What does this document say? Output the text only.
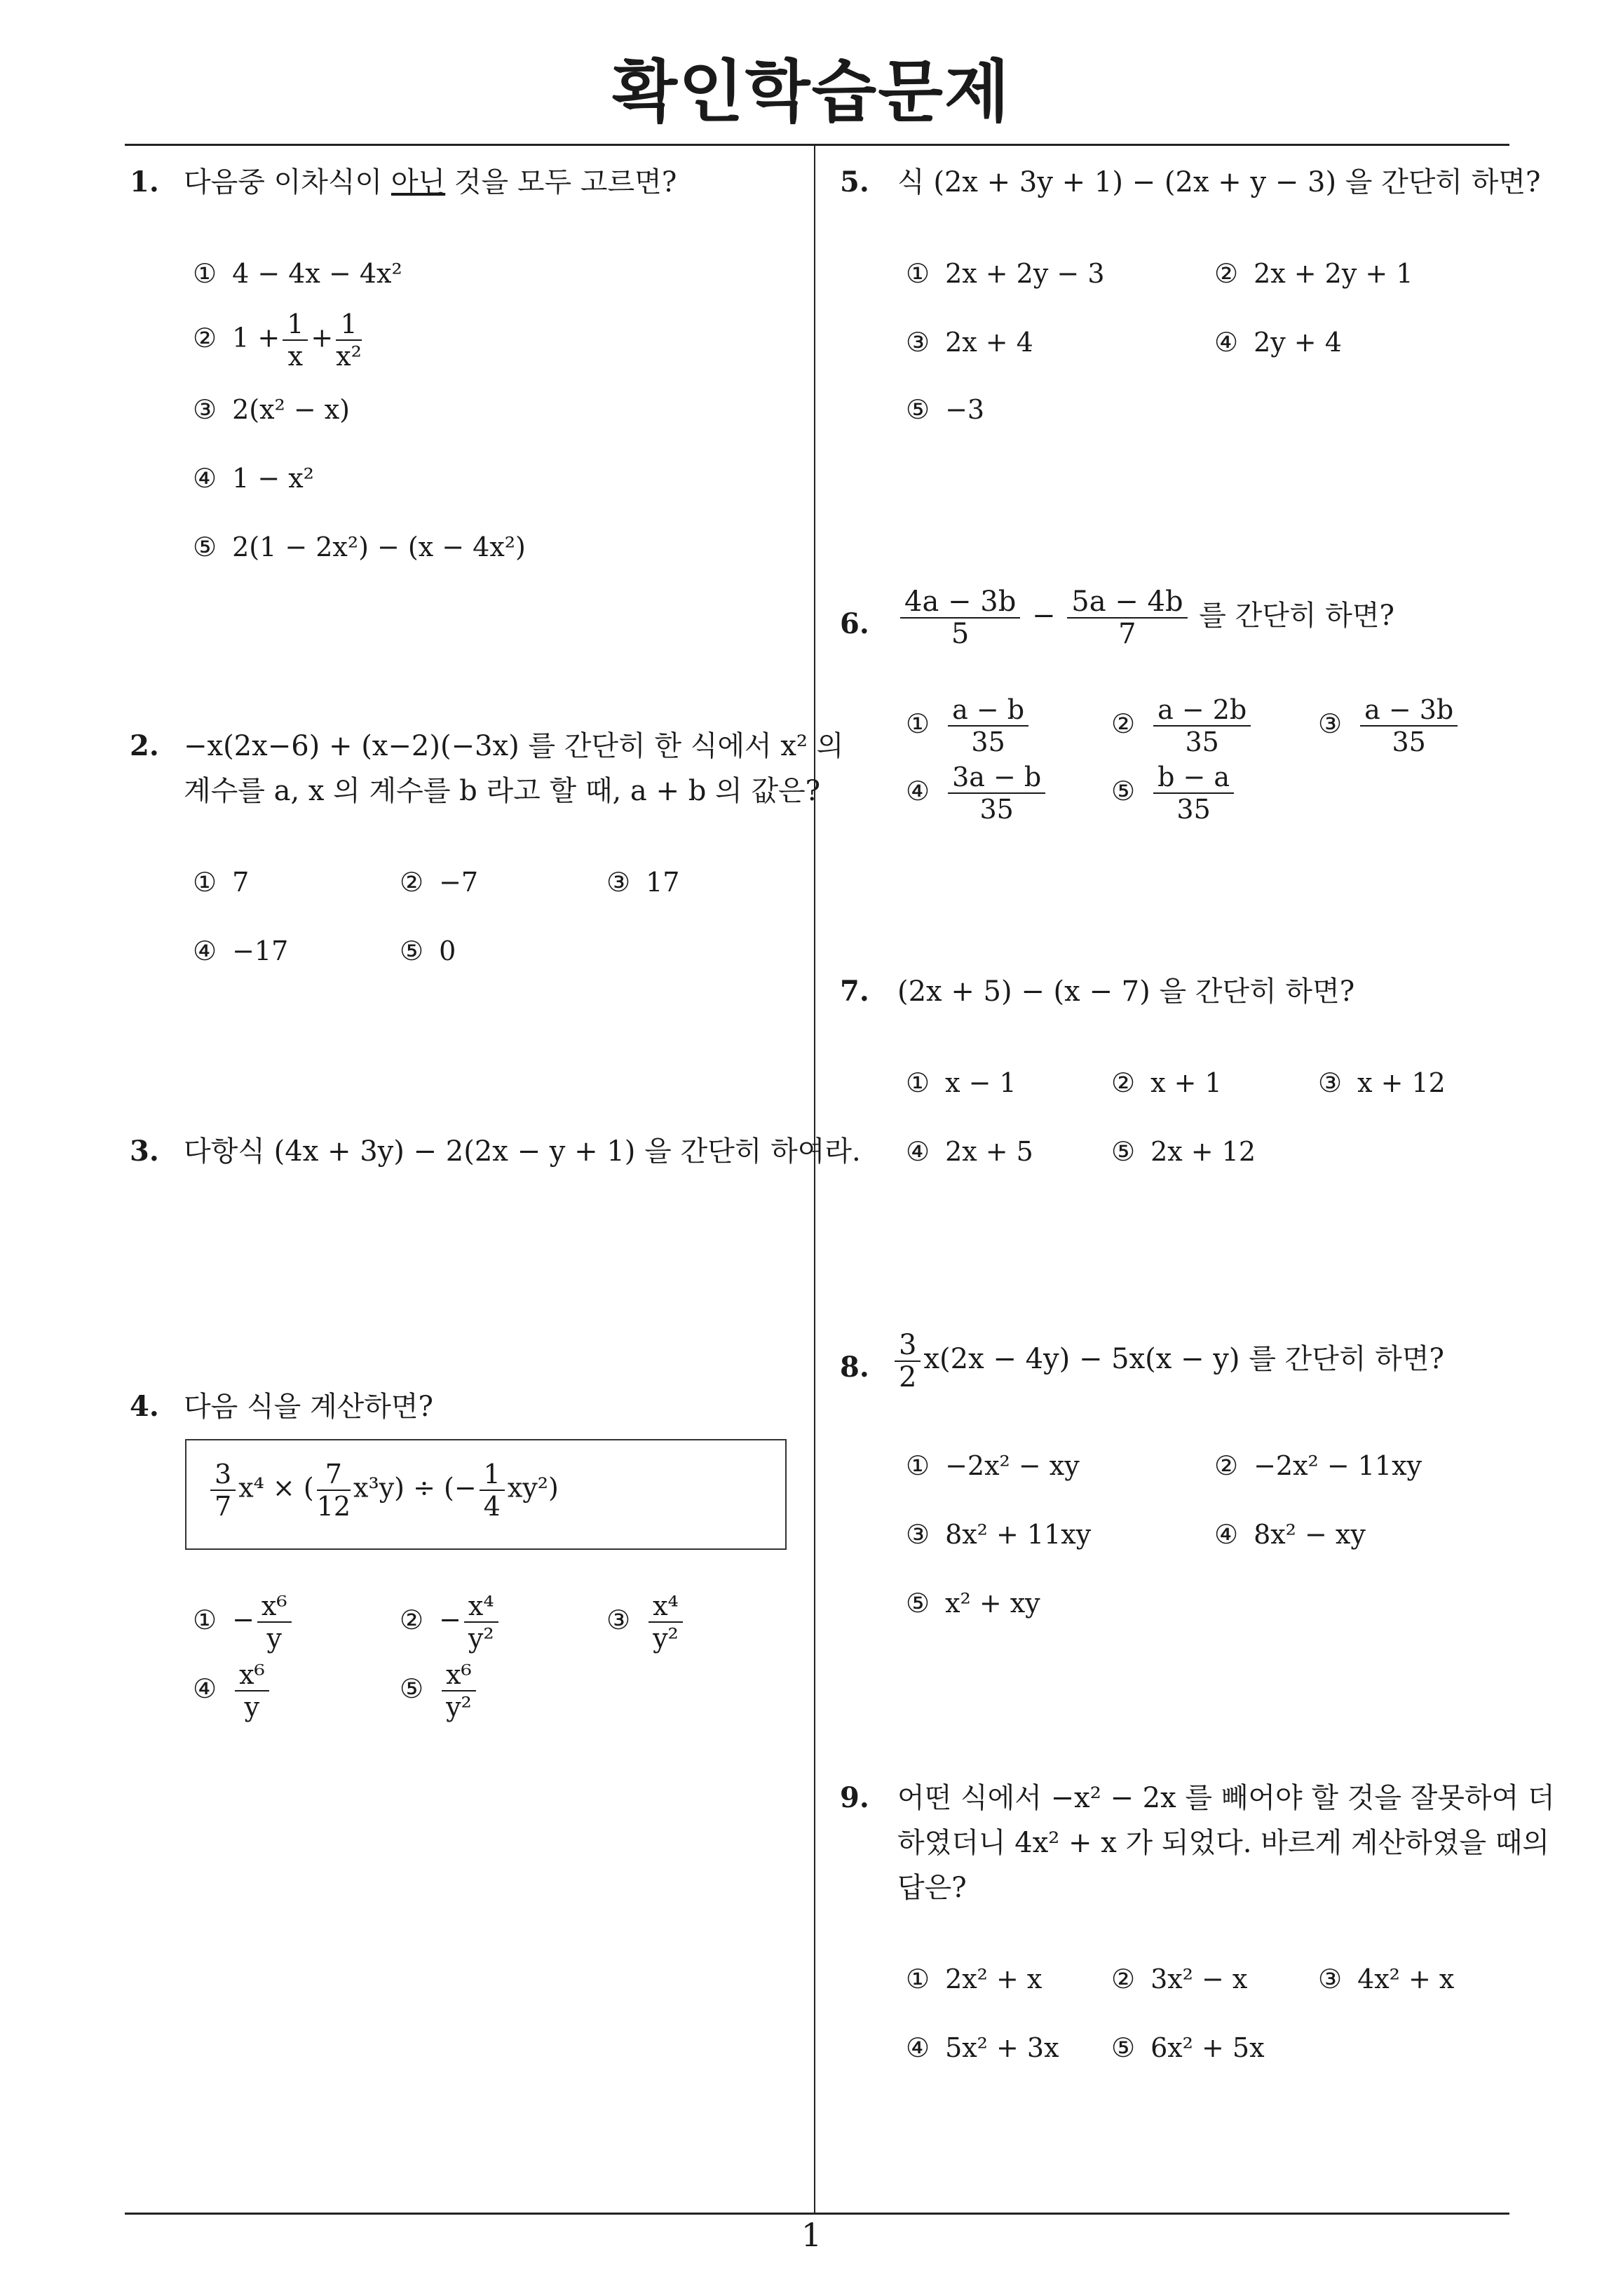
확인학습문제
1. 다음중 이차식이 아닌 것을 모두 고르면?
① 4 − 4x − 4x²
② $1 + \frac{1}{x} + \frac{1}{\text{x²}}$
③ 2(x² − x)
④ 1 − x²
⑤ 2(1 − 2x²) − (x − 4x²)
2. −x(2x−6) + (x−2)(−3x) 를 간단히 한 식에서 x² 의
계수를 a, x 의 계수를 b 라고 할 때, a + b 의 값은?
① 7	② −7	③ 17
④ −17	⑤ 0
3. 다항식 (4x + 3y) − 2(2x − y + 1) 을 간단히 하여라.
4. 다음 식을 계산하면?
$\frac{3}{7} x^4$ × ( $\frac{7}{12} x^3y$) ÷ (− $\frac{1}{4} xy^2$)
① − $\frac{\text{x⁶}}{y}$	② − $\frac{\text{x⁴}}{\text{y²}}$	③ $\frac{\text{x⁴}}{\text{y²}}$
④ $\frac{\text{x⁶}}{y}$	⑤ $\frac{\text{x⁶}}{\text{y²}}$
5. 식 (2x + 3y + 1) − (2x + y − 3) 을 간단히 하면?
① 2x + 2y − 3	② 2x + 2y + 1
③ 2x + 4	④ 2y + 4
⑤ −3
6. $\frac{4a - 3b}{5} - \frac{5a - 4b}{7}$ 를 간단히 하면?
① $\frac{a - b}{35}$	② $\frac{a - 2b}{35}$	③ $\frac{a - 3b}{35}$
④ $\frac{3a - b}{35}$ ⑤ $\frac{b - a}{35}$
7. (2x + 5) − (x − 7) 을 간단히 하면?
① x − 1	② x + 1	③ x + 12
④ 2x + 5	⑤ 2x + 12
8. $\frac{3}{2} x(2x - 4y) - 5x(x - y)$ 를 간단히 하면?
① −2x² − xy	② −2x² − 11xy
③ 8x² + 11xy	④ 8x² − xy
⑤ x² + xy
9. 어떤 식에서 −x² − 2x 를 빼어야 할 것을 잘못하여 더
하였더니 4x² + x 가 되었다. 바르게 계산하였을 때의
답은?
① 2x² + x	② 3x² − x	③ 4x² + x
④ 5x² + 3x ⑤ 6x² + 5x
1
